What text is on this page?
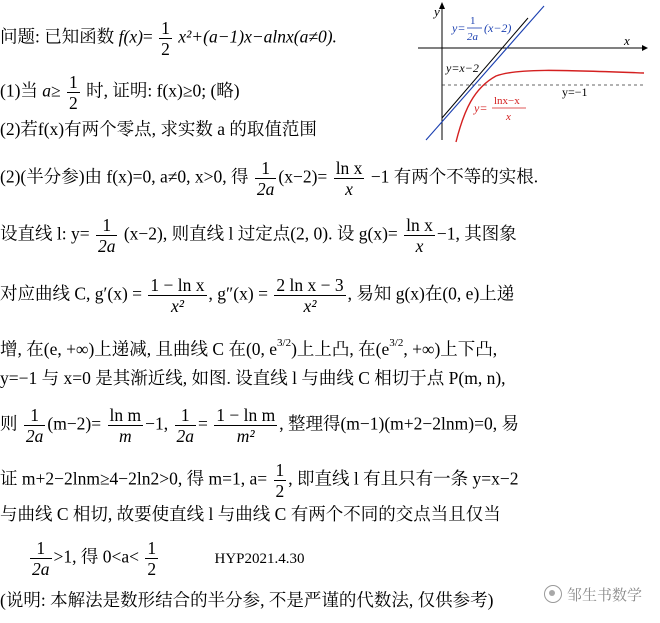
问题: 已知函数 $f(x)= \frac{1}{2} x^2+(a-1)x-alnx(a\ne 0)$.
(1)当 $a\ge \frac{1}{2}$ 时, 证明: f(x)≥0; (略)
(2)若f(x)有两个零点, 求实数 a 的取值范围
y
x
y=−1
y= 1
2a
(x−2)
y=x−2
y= lnx−x
x
(2)(半分参)由 f(x)=0, a≠0, x>0, 得 $\frac{1}{2a} (x-2)= \frac{\text{ln x}}{x} -1$ 有两个不等的实根.
设直线 l: $y= \frac{1}{2a} (x-2)$, 则直线 l 过定点(2, 0). 设 $g(x)= \frac{\text{ln x}}{x} -1$, 其图象
对应曲线 C, $g'(x) = \frac{\text{1 − ln x}}{\text{x²}}$ , $g''(x) = \frac{\text{2 ln x − 3}}{\text{x²}}$ , 易知 g(x)在(0, e)上递
增, 在(e, +∞)上递减, 且曲线 C 在(0, $e^{3/2}$)上上凸, 在($e^{3/2}$, +∞)上下凸,
y=−1 与 x=0 是其渐近线, 如图. 设直线 l 与曲线 C 相切于点 P(m, n),
则 $\frac{1}{2a} (m-2)= \frac{\text{ln m}}{m} -1$, $\frac{1}{2a} = \frac{\text{1 − ln m}}{\text{m²}}$ , 整理得(m−1)(m+2−2lnm)=0, 易
证 m+2−2lnm≥4−2ln2>0, 得 m=1, $a= \frac{1}{2}$ , 即直线 l 有且只有一条 y=x−2
与曲线 C 相切, 故要使直线 l 与曲线 C 有两个不同的交点当且仅当
$\frac{1}{2a} >1$, 得 $0<a< \frac{1}{2}$	HYP2021.4.30
(说明: 本解法是数形结合的半分参, 不是严谨的代数法, 仅供参考)	邹生书数学
